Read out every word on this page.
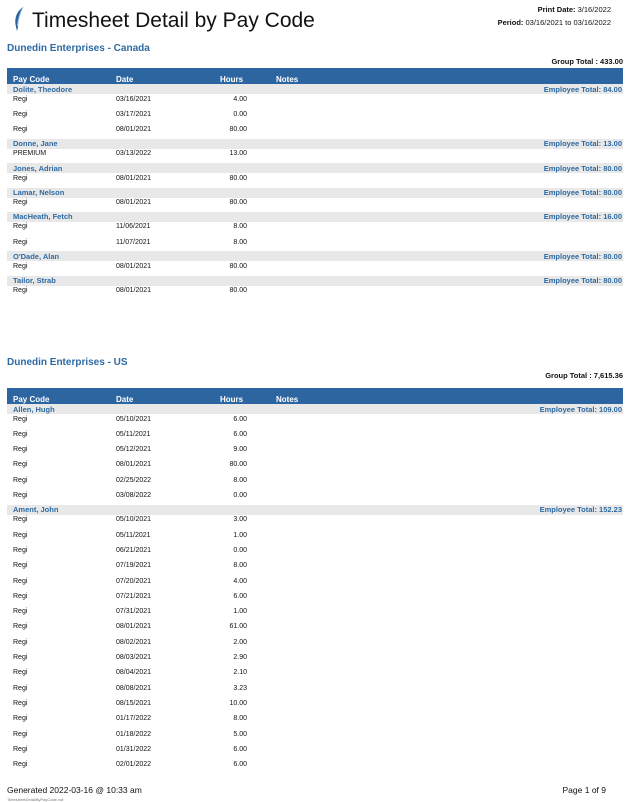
Timesheet Detail by Pay Code	Print Date: 3/16/2022
Period: 03/16/2021 to 03/16/2022
Dunedin Enterprises - Canada
Group Total : 433.00
Pay Code	Date	Hours	Notes
Dolite, Theodore	Employee Total: 84.00
Regi	03/16/2021	4.00
Regi	03/17/2021	0.00
Regi	08/01/2021	80.00
Donne, Jane	Employee Total: 13.00
PREMIUM	03/13/2022	13.00
Jones, Adrian	Employee Total: 80.00
Regi	08/01/2021	80.00
Lamar, Nelson	Employee Total: 80.00
Regi	08/01/2021	80.00
MacHeath, Fetch	Employee Total: 16.00
Regi	11/06/2021	8.00
Regi	11/07/2021	8.00
O'Dade, Alan	Employee Total: 80.00
Regi	08/01/2021	80.00
Tailor, Strab	Employee Total: 80.00
Regi	08/01/2021	80.00
Dunedin Enterprises - US
Group Total : 7,615.36
Pay Code	Date	Hours	Notes
Allen, Hugh	Employee Total: 109.00
Regi	05/10/2021	6.00
Regi	05/11/2021	6.00
Regi	05/12/2021	9.00
Regi	08/01/2021	80.00
Regi	02/25/2022	8.00
Regi	03/08/2022	0.00
Ament, John	Employee Total: 152.23
Regi	05/10/2021	3.00
Regi	05/11/2021	1.00
Regi	06/21/2021	0.00
Regi	07/19/2021	8.00
Regi	07/20/2021	4.00
Regi	07/21/2021	6.00
Regi	07/31/2021	1.00
Regi	08/01/2021	61.00
Regi	08/02/2021	2.00
Regi	08/03/2021	2.90
Regi	08/04/2021	2.10
Regi	08/08/2021	3.23
Regi	08/15/2021	10.00
Regi	01/17/2022	8.00
Regi	01/18/2022	5.00
Regi	01/31/2022	6.00
Regi	02/01/2022	6.00
Generated 2022-03-16 @ 10:33 am
TimesheetDetailByPayCode.rwt
Page 1 of 9
